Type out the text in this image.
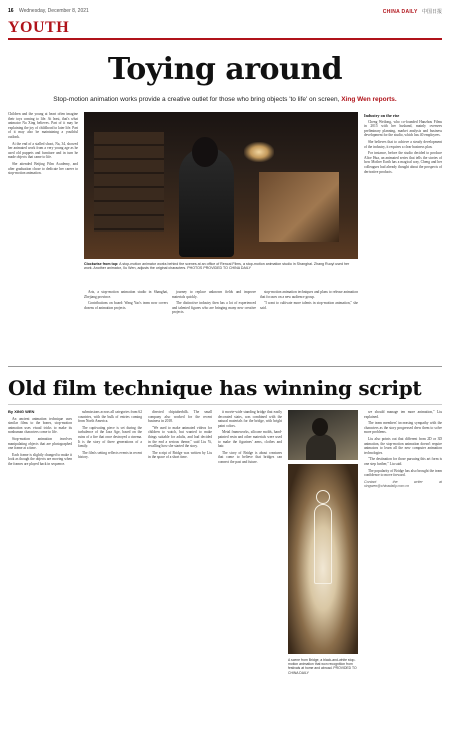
16 Wednesday, December 8, 2021	CHINA DAILY 中国日报
YOUTH
Toying around
Stop-motion animation works provide a creative outlet for those who bring objects 'to life' on screen, Xing Wen reports.

Children and the young at heart often imagine their toys coming to life. At least, that's what animator Na Xing believes. Part of it may be explaining the joy of childhood to later life. Part of it may also be maintaining a youthful outlook.

At the end of a stalled shoot, Na, 34, showed her animated work from a very young age as he used old puppets and furniture and in turn he made objects that came to life.

She attended Beijing Film Academy, and after graduation chose to dedicate her career to stop-motion animation.

Clockwise from top: A stop-motion animator works behind the scenes at an office of Rencai Films, a stop-motion animation studio in Shanghai. Zhang Ruoyi used her work. Another animator, Xu Wen, adjusts the original characters. PHOTOS PROVIDED TO CHINA DAILY

Arts, a stop-motion animation studio in Shanghai, Zhejiang province.

Contributions on board: Wang Yao's team now covers dozens of animation projects.

journey to replace unknown fields and improve materials quickly.

The distinctive industry then has a lot of experienced and talented figures who are bringing many new creative projects.

stop-motion animation techniques and plans to release animation that focuses on a new audience group.

"I want to cultivate more talents in stop-motion animation," she said.

Industry on the rise

Cheng Weilong, who co-founded Hanzhou Films in 2015 with her husband, mainly oversees preliminary planning, market analysis and business development for the studio, which has 40 employees.

She believes that to achieve a steady development of the industry, it requires a clear business plan.

For instance, before the studio decided to produce Alice Hua, an animated series that tells the stories of how Mother Earth has a magical way, Cheng and her colleagues had already thought about the prospects of derivative products.

Old film technique has winning script
By XING WEN

An ancient animation technique uses similar films to the bones, stop-motion animation uses visual tricks to make its nonhuman characters come to life.

Stop-motion animation involves manipulating objects that are photographed one frame at a time.

Each frame is slightly changed to make it look as though the objects are moving when the frames are played back in sequence.

submissions across all categories from 62 countries, with the bulk of entries coming from North America.

The captivating piece is set during the turbulence of the Jazz Age, based on the ruins of a fire that once destroyed a cinema. It is the story of three generations of a family.

The film's setting reflects events in recent history.

directed chiptuberbilk. The small company also worked for the recent business in 2018.

"We used to make animated videos for children to watch, but wanted to make things suitable for adults, and had decided in the end a serious theme," said Liu Yi, recalling how she started the story.

The script of Bridge was written by Liu in the space of a short time.

it movie-wide standing bridge that easily decorated stairs, was combined with the natural materials for the bridge, with bright paint colors.

Metal frameworks, silicone molds, hand-painted resin and other materials were used to make the figurines' arms, clothes and hair.

The story of Bridge is about creatures that come to believe that bridges can connect the past and future.

A scene from Bridge, a black-and-white stop-motion animation that won recognition from festivals at home and abroad. PROVIDED TO CHINA DAILY

we should manage ten more animation," Liu explained.

The team members' increasing sympathy with the characters as the story progressed drew them to solve more problems.

Liu also points out that different from 2D or 3D animation, the stop-motion animation doesn't require animators to learn all the new computer animation technologies.

"The destination for those pursuing this art form is one step further," Liu said.

The popularity of Bridge has also brought the team confidence to move forward.

Contact the writer at xingwen@chinadaily.com.cn
